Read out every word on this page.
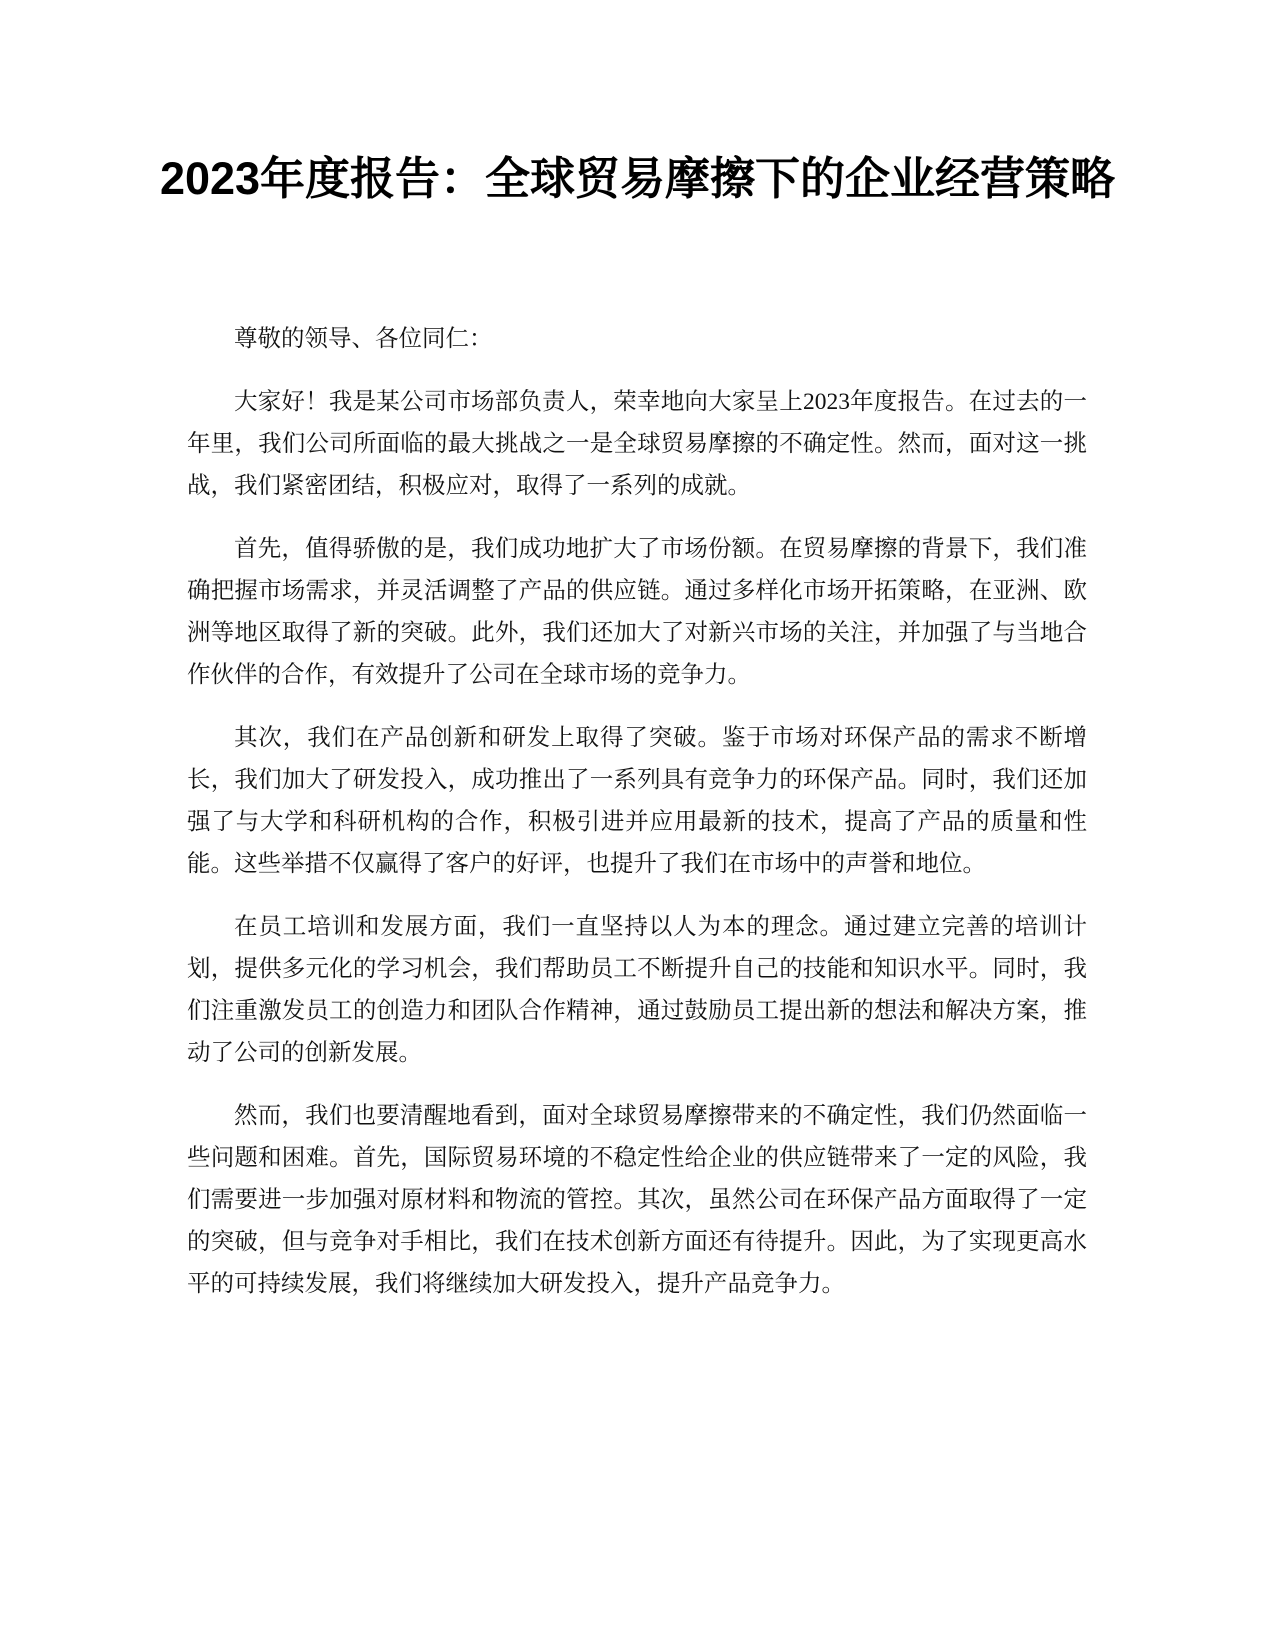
2023年度报告：全球贸易摩擦下的企业经营策略

尊敬的领导、各位同仁：

大家好！我是某公司市场部负责人，荣幸地向大家呈上2023年度报告。在过去的一年里，我们公司所面临的最大挑战之一是全球贸易摩擦的不确定性。然而，面对这一挑战，我们紧密团结，积极应对，取得了一系列的成就。

首先，值得骄傲的是，我们成功地扩大了市场份额。在贸易摩擦的背景下，我们准确把握市场需求，并灵活调整了产品的供应链。通过多样化市场开拓策略，在亚洲、欧洲等地区取得了新的突破。此外，我们还加大了对新兴市场的关注，并加强了与当地合作伙伴的合作，有效提升了公司在全球市场的竞争力。

其次，我们在产品创新和研发上取得了突破。鉴于市场对环保产品的需求不断增长，我们加大了研发投入，成功推出了一系列具有竞争力的环保产品。同时，我们还加强了与大学和科研机构的合作，积极引进并应用最新的技术，提高了产品的质量和性能。这些举措不仅赢得了客户的好评，也提升了我们在市场中的声誉和地位。

在员工培训和发展方面，我们一直坚持以人为本的理念。通过建立完善的培训计划，提供多元化的学习机会，我们帮助员工不断提升自己的技能和知识水平。同时，我们注重激发员工的创造力和团队合作精神，通过鼓励员工提出新的想法和解决方案，推动了公司的创新发展。

然而，我们也要清醒地看到，面对全球贸易摩擦带来的不确定性，我们仍然面临一些问题和困难。首先，国际贸易环境的不稳定性给企业的供应链带来了一定的风险，我们需要进一步加强对原材料和物流的管控。其次，虽然公司在环保产品方面取得了一定的突破，但与竞争对手相比，我们在技术创新方面还有待提升。因此，为了实现更高水平的可持续发展，我们将继续加大研发投入，提升产品竞争力。
